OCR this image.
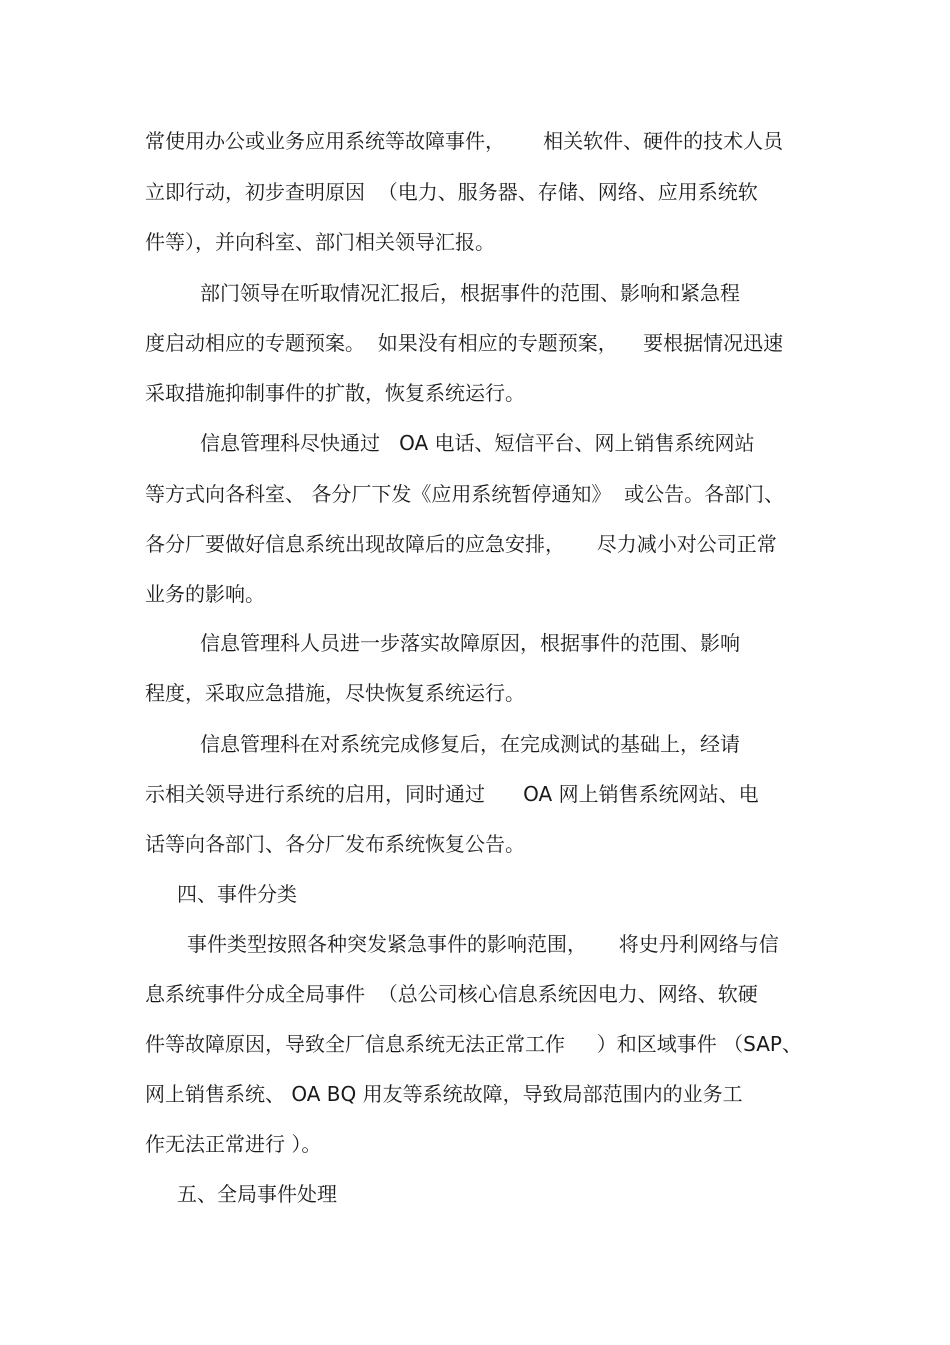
常使用办公或业务应用系统等故障事件，      相关软件、硬件的技术人员
立即行动，初步查明原因  （电力、服务器、存储、网络、应用系统软
件等），并向科室、部门相关领导汇报。
部门领导在听取情况汇报后，根据事件的范围、影响和紧急程
度启动相应的专题预案。  如果没有相应的专题预案，    要根据情况迅速
采取措施抑制事件的扩散，恢复系统运行。
信息管理科尽快通过   OA 电话、短信平台、网上销售系统网站
等方式向各科室、 各分厂下发《应用系统暂停通知》  或公告。各部门、
各分厂要做好信息系统出现故障后的应急安排，     尽力减小对公司正常
业务的影响。
信息管理科人员进一步落实故障原因，根据事件的范围、影响
程度，采取应急措施，尽快恢复系统运行。
信息管理科在对系统完成修复后，在完成测试的基础上，经请
示相关领导进行系统的启用，同时通过      OA 网上销售系统网站、电
话等向各部门、各分厂发布系统恢复公告。
四、事件分类
事件类型按照各种突发紧急事件的影响范围，     将史丹利网络与信
息系统事件分成全局事件  （总公司核心信息系统因电力、网络、软硬
件等故障原因，导致全厂信息系统无法正常工作     ）和区域事件 （SAP、
网上销售系统、 OA BQ 用友等系统故障，导致局部范围内的业务工
作无法正常进行 ）。
五、全局事件处理
